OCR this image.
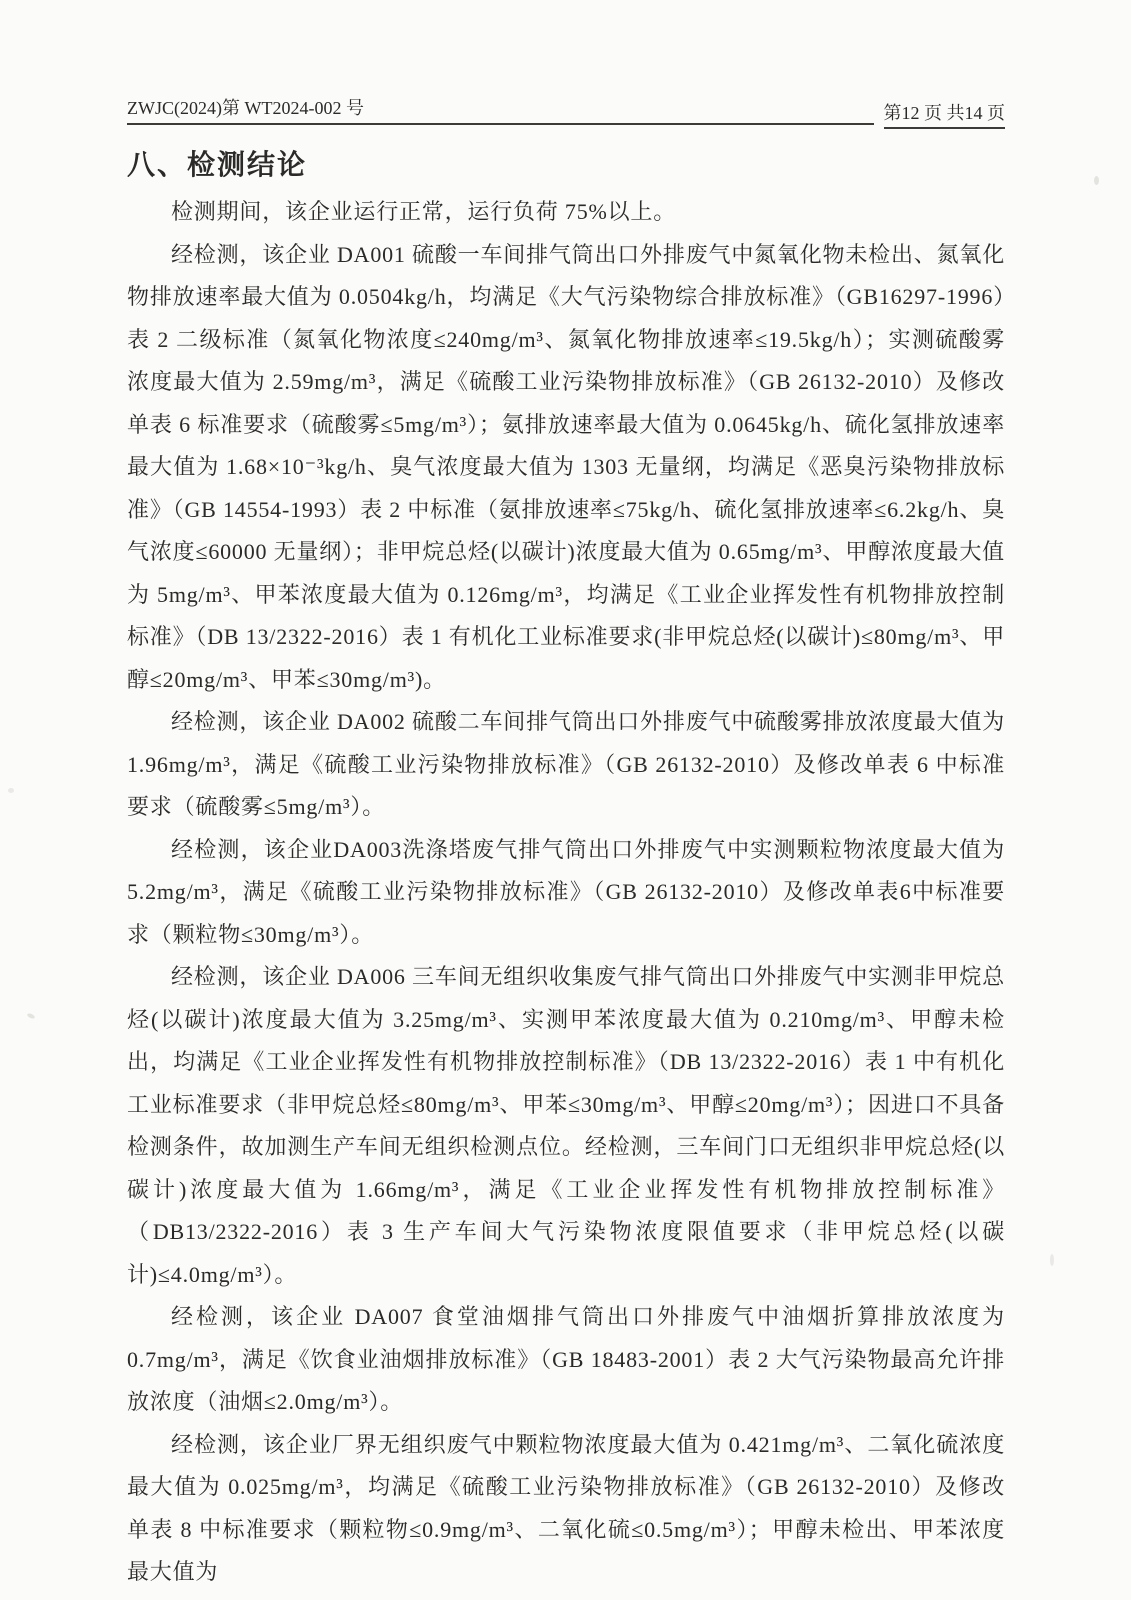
ZWJC(2024)第 WT2024-002 号	第12 页 共14 页
八、检测结论

检测期间，该企业运行正常，运行负荷 75%以上。

经检测，该企业 DA001 硫酸一车间排气筒出口外排废气中氮氧化物未检出、氮氧化物排放速率最大值为 0.0504kg/h，均满足《大气污染物综合排放标准》（GB16297-1996）表 2 二级标准（氮氧化物浓度≤240mg/m³、氮氧化物排放速率≤19.5kg/h）；实测硫酸雾浓度最大值为 2.59mg/m³，满足《硫酸工业污染物排放标准》（GB 26132-2010）及修改单表 6 标准要求（硫酸雾≤5mg/m³）；氨排放速率最大值为 0.0645kg/h、硫化氢排放速率最大值为 1.68×10⁻³kg/h、臭气浓度最大值为 1303 无量纲，均满足《恶臭污染物排放标准》（GB 14554-1993）表 2 中标准（氨排放速率≤75kg/h、硫化氢排放速率≤6.2kg/h、臭气浓度≤60000 无量纲）；非甲烷总烃(以碳计)浓度最大值为 0.65mg/m³、甲醇浓度最大值为 5mg/m³、甲苯浓度最大值为 0.126mg/m³，均满足《工业企业挥发性有机物排放控制标准》（DB 13/2322-2016）表 1 有机化工业标准要求(非甲烷总烃(以碳计)≤80mg/m³、甲醇≤20mg/m³、甲苯≤30mg/m³)。

经检测，该企业 DA002 硫酸二车间排气筒出口外排废气中硫酸雾排放浓度最大值为 1.96mg/m³，满足《硫酸工业污染物排放标准》（GB 26132-2010）及修改单表 6 中标准要求（硫酸雾≤5mg/m³）。

经检测，该企业DA003洗涤塔废气排气筒出口外排废气中实测颗粒物浓度最大值为 5.2mg/m³，满足《硫酸工业污染物排放标准》（GB 26132-2010）及修改单表6中标准要求（颗粒物≤30mg/m³）。

经检测，该企业 DA006 三车间无组织收集废气排气筒出口外排废气中实测非甲烷总烃(以碳计)浓度最大值为 3.25mg/m³、实测甲苯浓度最大值为 0.210mg/m³、甲醇未检出，均满足《工业企业挥发性有机物排放控制标准》（DB 13/2322-2016）表 1 中有机化工业标准要求（非甲烷总烃≤80mg/m³、甲苯≤30mg/m³、甲醇≤20mg/m³）；因进口不具备检测条件，故加测生产车间无组织检测点位。经检测，三车间门口无组织非甲烷总烃(以碳计)浓度最大值为 1.66mg/m³，满足《工业企业挥发性有机物排放控制标准》（DB13/2322-2016）表 3 生产车间大气污染物浓度限值要求（非甲烷总烃(以碳计)≤4.0mg/m³）。

经检测，该企业 DA007 食堂油烟排气筒出口外排废气中油烟折算排放浓度为 0.7mg/m³，满足《饮食业油烟排放标准》（GB 18483-2001）表 2 大气污染物最高允许排放浓度（油烟≤2.0mg/m³）。

经检测，该企业厂界无组织废气中颗粒物浓度最大值为 0.421mg/m³、二氧化硫浓度最大值为 0.025mg/m³，均满足《硫酸工业污染物排放标准》（GB 26132-2010）及修改单表 8 中标准要求（颗粒物≤0.9mg/m³、二氧化硫≤0.5mg/m³）；甲醇未检出、甲苯浓度最大值为
